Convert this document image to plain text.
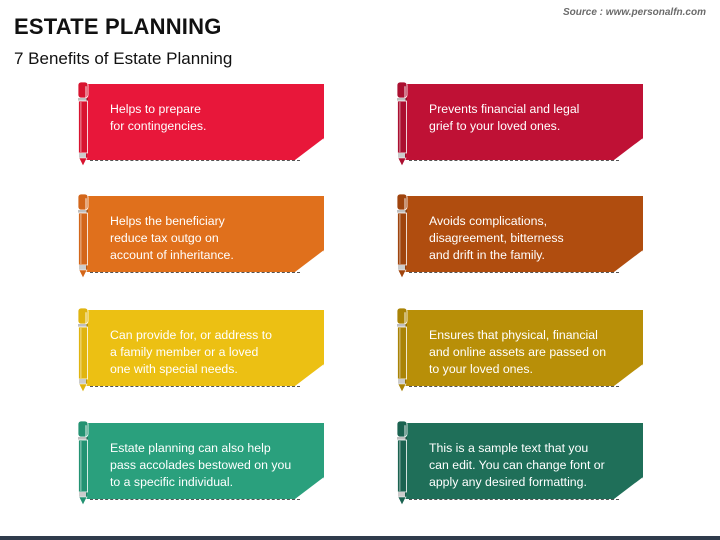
ESTATE PLANNING
7 Benefits of Estate Planning
Source : www.personalfn.com
Helps to prepare
for contingencies.
Prevents financial and legal
grief to your loved ones.
Helps the beneficiary
reduce tax outgo on
account of inheritance.
Avoids complications,
disagreement, bitterness
and drift in the family.
Can provide for, or address to
a family member or a loved
one with special needs.
Ensures that physical, financial
and online assets are passed on
to your loved ones.
Estate planning can also help
pass accolades bestowed on you
to a specific individual.
This is a sample text that you
can edit. You can change font or
apply any desired formatting.
